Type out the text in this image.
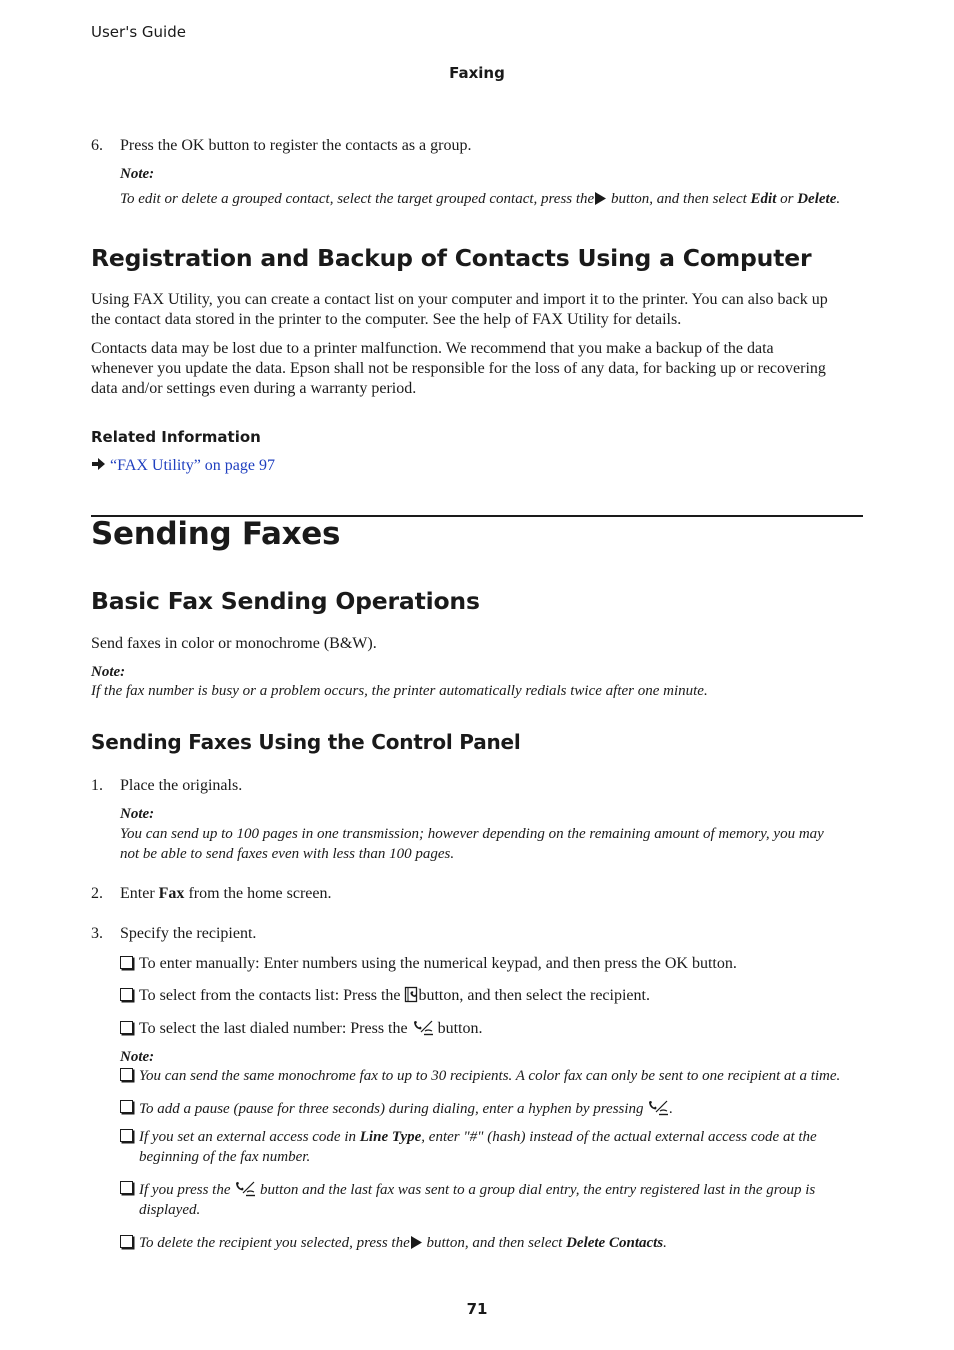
User's Guide

Faxing

6. Press the OK button to register the contacts as a group.

Note:

To edit or delete a grouped contact, select the target grouped contact, press the button, and then select Edit or Delete.

Registration and Backup of Contacts Using a Computer

Using FAX Utility, you can create a contact list on your computer and import it to the printer. You can also back up
the contact data stored in the printer to the computer. See the help of FAX Utility for details.

Contacts data may be lost due to a printer malfunction. We recommend that you make a backup of the data
whenever you update the data. Epson shall not be responsible for the loss of any data, for backing up or recovering
data and/or settings even during a warranty period.

Related Information

“FAX Utility” on page 97

Sending Faxes
Basic Fax Sending Operations

Send faxes in color or monochrome (B&W).

Note:

If the fax number is busy or a problem occurs, the printer automatically redials twice after one minute.

Sending Faxes Using the Control Panel
1. Place the originals.

Note:

You can send up to 100 pages in one transmission; however depending on the remaining amount of memory, you may
not be able to send faxes even with less than 100 pages.

2. Enter Fax from the home screen.
3. Specify the recipient.
To enter manually: Enter numbers using the numerical keypad, and then press the OK button.
To select from the contacts list: Press the button, and then select the recipient.
To select the last dialed number: Press the button.

Note:

You can send the same monochrome fax to up to 30 recipients. A color fax can only be sent to one recipient at a time.
To add a pause (pause for three seconds) during dialing, enter a hyphen by pressing .
If you set an external access code in Line Type, enter "#" (hash) instead of the actual external access code at the
beginning of the fax number.
If you press the button and the last fax was sent to a group dial entry, the entry registered last in the group is
displayed.
To delete the recipient you selected, press the button, and then select Delete Contacts.

71
